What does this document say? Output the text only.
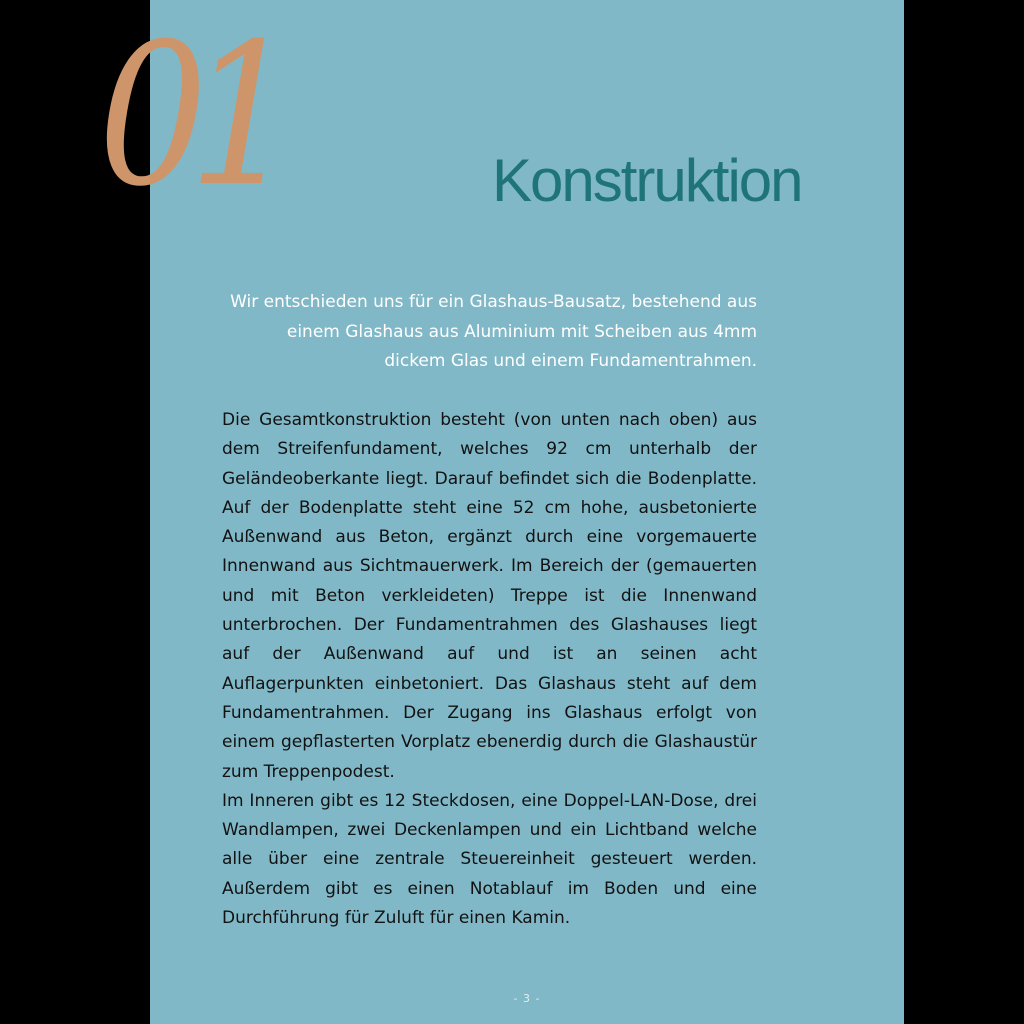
01	Konstruktion

Wir entschieden uns für ein Glashaus-Bausatz, bestehend aus einem Glashaus aus Aluminium mit Scheiben aus 4mm dickem Glas und einem Fundamentrahmen.

Die Gesamtkonstruktion besteht (von unten nach oben) aus dem Streifenfundament, welches 92 cm unterhalb der Geländeoberkante liegt. Darauf befindet sich die Bodenplatte. Auf der Bodenplatte steht eine 52 cm hohe, ausbetonierte Außenwand aus Beton, ergänzt durch eine vorgemauerte Innenwand aus Sichtmauerwerk. Im Bereich der (gemauerten und mit Beton verkleideten) Treppe ist die Innenwand unterbrochen. Der Fundamentrahmen des Glashauses liegt auf der Außenwand auf und ist an seinen acht Auflagerpunkten einbetoniert. Das Glashaus steht auf dem Fundamentrahmen. Der Zugang ins Glashaus erfolgt von einem gepflasterten Vorplatz ebenerdig durch die Glashaustür zum Treppenpodest.

Im Inneren gibt es 12 Steckdosen, eine Doppel-LAN-Dose, drei Wandlampen, zwei Deckenlampen und ein Lichtband welche alle über eine zentrale Steuereinheit gesteuert werden. Außerdem gibt es einen Notablauf im Boden und eine Durchführung für Zuluft für einen Kamin.

- 3 -
